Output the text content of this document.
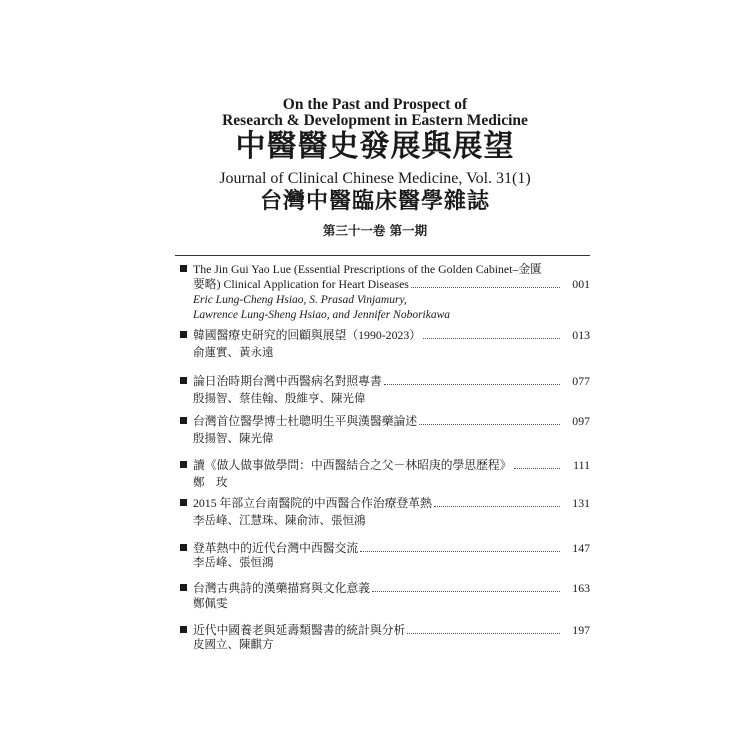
On the Past and Prospect of
Research & Development in Eastern Medicine
中醫醫史發展與展望
Journal of Clinical Chinese Medicine, Vol. 31(1)
台灣中醫臨床醫學雜誌
第三十一卷 第一期
The Jin Gui Yao Lue (Essential Prescriptions of the Golden Cabinet–金匱
要略) Clinical Application for Heart Diseases	001
Eric Lung-Cheng Hsiao, S. Prasad Vinjamury,
Lawrence Lung-Sheng Hsiao, and Jennifer Noborikawa
韓國醫療史研究的回顧與展望（1990-2023）	013
俞蓮實、黃永遠
論日治時期台灣中西醫病名對照專書	077
殷揚智、蔡佳翰、殷維亨、陳光偉
台灣首位醫學博士杜聰明生平與漢醫藥論述	097
殷揚智、陳光偉
讀《做人做事做學問：中西醫結合之父－林昭庚的學思歷程》	111
鄭　玫
2015 年部立台南醫院的中西醫合作治療登革熱	131
李岳峰、江慧珠、陳俞沛、張恒鴻
登革熱中的近代台灣中西醫交流	147
李岳峰、張恒鴻
台灣古典詩的漢藥描寫與文化意義	163
鄭佩雯
近代中國養老與延壽類醫書的統計與分析	197
皮國立、陳麒方
